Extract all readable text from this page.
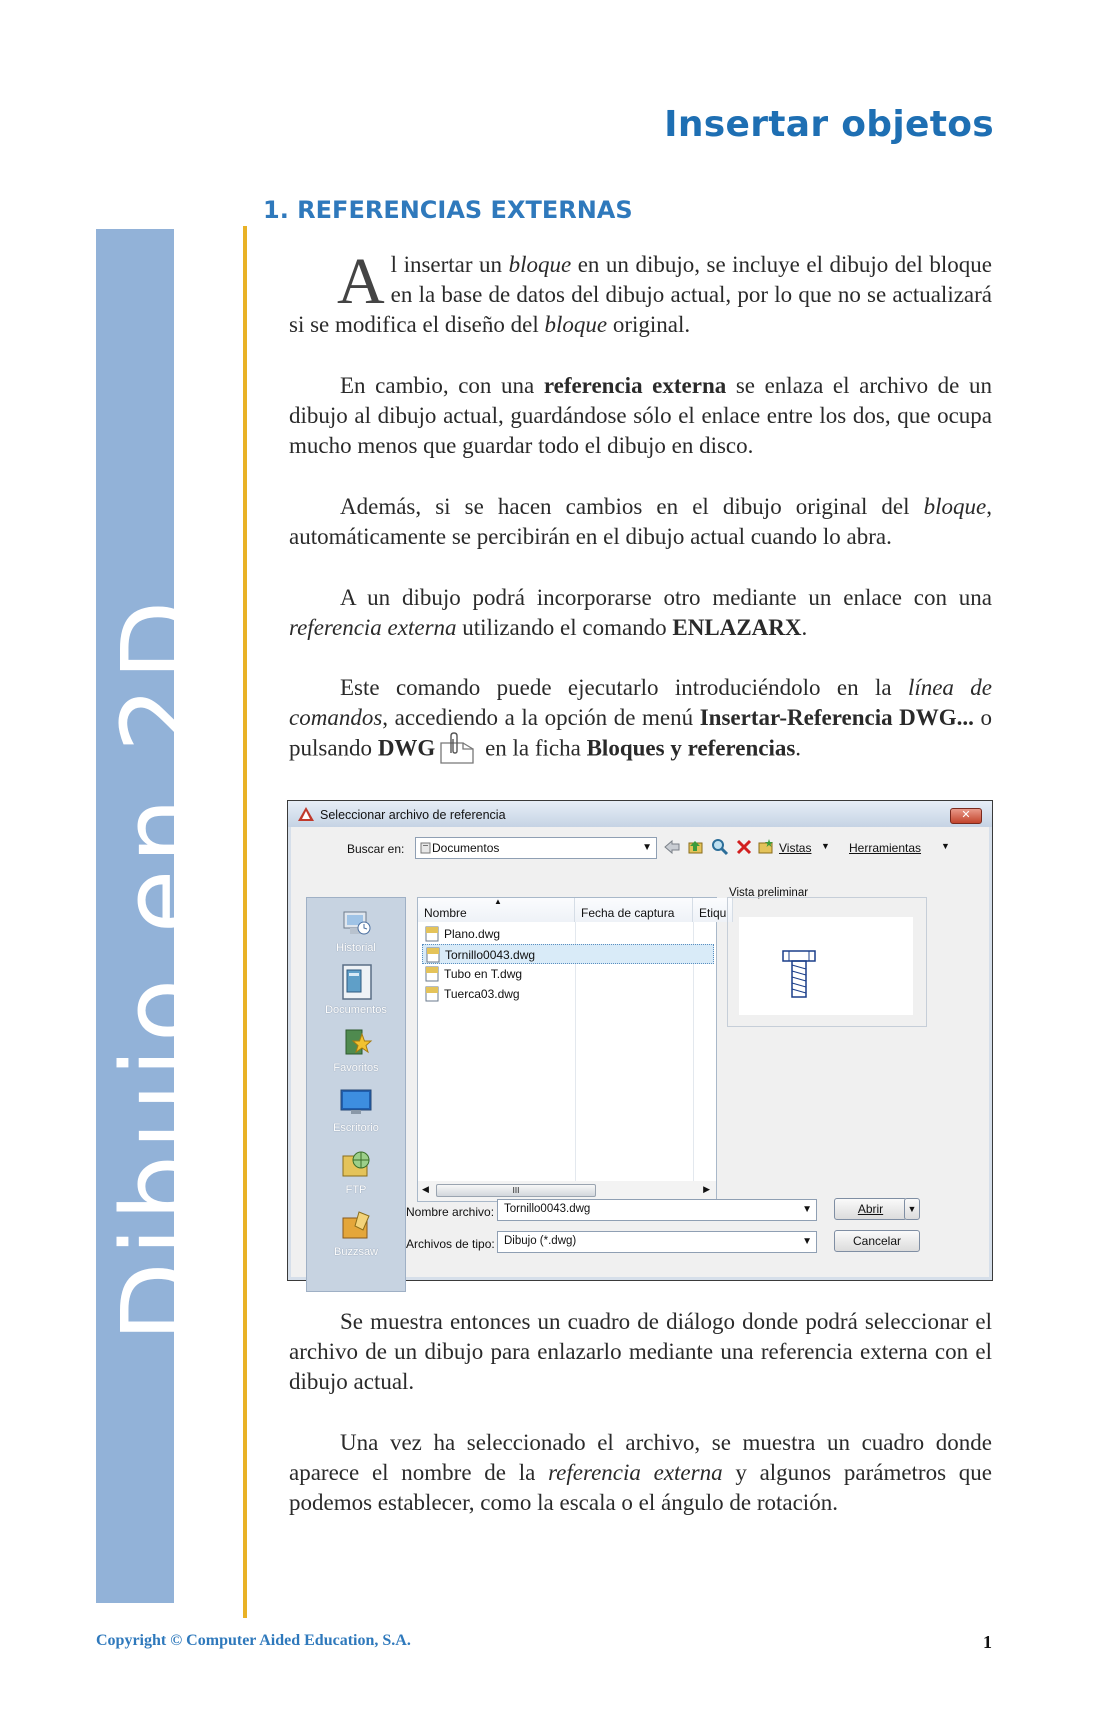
Insertar objetos
Dibujo en 2D
1. REFERENCIAS EXTERNAS

Al insertar un bloque en un dibujo, se incluye el dibujo del bloque en la base de datos del dibujo actual, por lo que no se actualizará si se modifica el diseño del bloque original.

En cambio, con una referencia externa se enlaza el archivo de un dibujo al dibujo actual, guardándose sólo el enlace entre los dos, que ocupa mucho menos que guardar todo el dibujo en disco.

Además, si se hacen cambios en el dibujo original del bloque, automáticamente se percibirán en el dibujo actual cuando lo abra.

A un dibujo podrá incorporarse otro mediante un enlace con una referencia externa utilizando el comando ENLAZARX.

Este comando puede ejecutarlo introduciéndolo en la línea de comandos, accediendo a la opción de menú Insertar-Referencia DWG... o pulsando DWG en la ficha Bloques y referencias.

Seleccionar archivo de referencia	✕
Buscar en:	Documentos	▼	Vistas ▼ Herramientas ▼
Historial
Documentos
Favoritos
Escritorio
FTP
Buzzsaw
Nombre
▲
Fecha de captura	Etiqu
Plano.dwg
Tornillo0043.dwg
Tubo en T.dwg
Tuerca03.dwg
◀	III	▶
Vista preliminar
Nombre archivo: Tornillo0043.dwg	▼	Abrir	▼
Archivos de tipo: Dibujo (*.dwg)	▼	Cancelar

Se muestra entonces un cuadro de diálogo donde podrá seleccionar el archivo de un dibujo para enlazarlo mediante una referencia externa con el dibujo actual.

Una vez ha seleccionado el archivo, se muestra un cuadro donde aparece el nombre de la referencia externa y algunos parámetros que podemos establecer, como la escala o el ángulo de rotación.

Copyright © Computer Aided Education, S.A.	1
